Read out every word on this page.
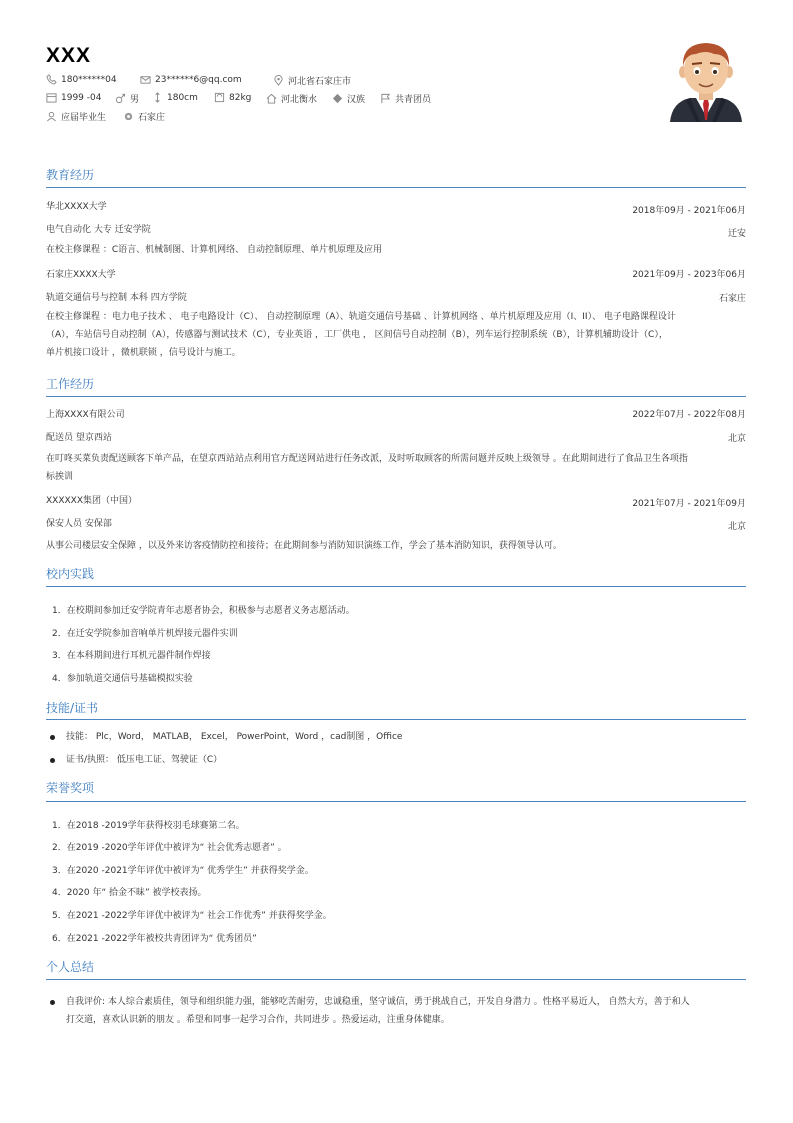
XXX
180******04	23******6@qq.com	河北省石家庄市
1999 -04	男	180cm	82kg	河北衡水	汉族	共青团员
应届毕业生	石家庄
教育经历
华北XXXX大学	2018年09月 - 2021年06月
电气自动化 大专 迁安学院	迁安
在校主修课程 ：C语言、机械制图、计算机网络、 自动控制原理、单片机原理及应用
石家庄XXXX大学	2021年09月 - 2023年06月
轨道交通信号与控制 本科 四方学院	石家庄
在校主修课程 ：电力电子技术 、 电子电路设计（C）、 自动控制原理（A）、轨道交通信号基础 、计算机网络 、单片机原理及应用（I、II）、 电子电路课程设计
（A），车站信号自动控制（A），传感器与测试技术（C），专业英语 ，工厂供电 ， 区间信号自动控制（B），列车运行控制系统（B），计算机辅助设计（C），
单片机接口设计 ，微机联锁 ，信号设计与施工。
工作经历
上海XXXX有限公司	2022年07月 - 2022年08月
配送员 望京西站	北京
在叮咚买菜负责配送顾客下单产品，在望京西站站点利用官方配送网站进行任务改派，及时听取顾客的所需问题并反映上级领导 。在此期间进行了食品卫生各项指
标挨训
XXXXXX集团（中国）	2021年07月 - 2021年09月
保安人员 安保部	北京
从事公司楼层安全保障 ，以及外来访客疫情防控和接待；在此期间参与消防知识演练工作，学会了基本消防知识，获得领导认可。
校内实践
1．在校期间参加迁安学院青年志愿者协会，积极参与志愿者义务志愿活动。
2．在迁安学院参加音响单片机焊接元器件实训
3．在本科期间进行耳机元器件制作焊接
4．参加轨道交通信号基础模拟实验
技能/证书
技能： Plc，Word， MATLAB， Excel， PowerPoint，Word ，cad制图 ，Office
证书/执照： 低压电工证、驾驶证（C）
荣誉奖项
1．在2018 -2019学年获得校羽毛球赛第二名。
2．在2019 -2020学年评优中被评为“ 社会优秀志愿者” 。
3．在2020 -2021学年评优中被评为“ 优秀学生” 并获得奖学金。
4．2020 年“ 拾金不昧” 被学校表扬。
5．在2021 -2022学年评优中被评为“ 社会工作优秀” 并获得奖学金。
6．在2021 -2022学年被校共青团评为“ 优秀团员”
个人总结
自我评价: 本人综合素质佳，领导和组织能力强，能够吃苦耐劳，忠诚稳重，坚守诚信，勇于挑战自己，开发自身潜力 。性格平易近人， 自然大方，善于和人
打交道，喜欢认识新的朋友 。希望和同事一起学习合作，共同进步 。热爱运动，注重身体健康。
